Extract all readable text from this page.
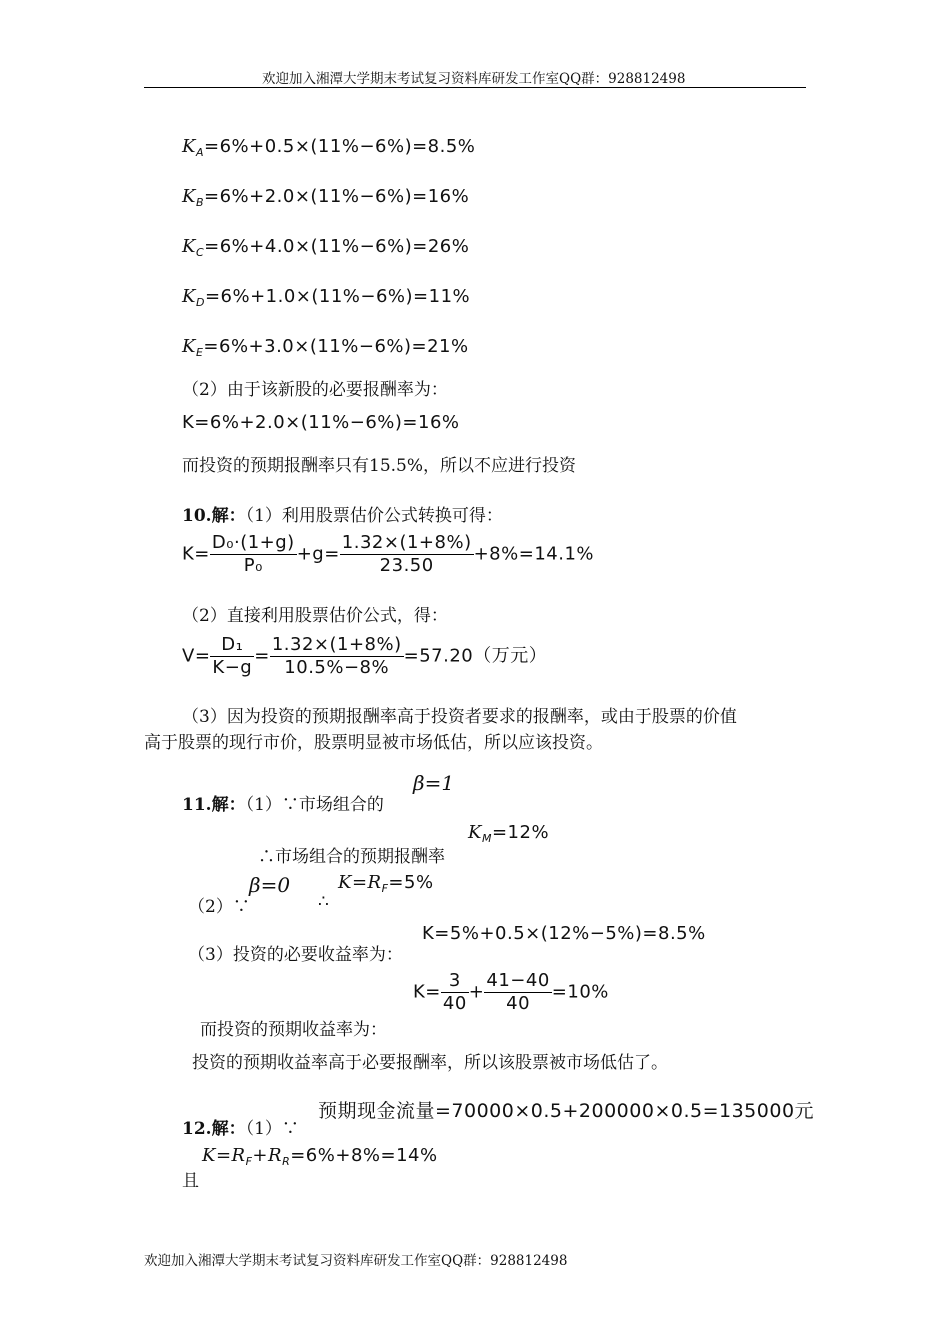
欢迎加入湘潭大学期末考试复习资料库研发工作室QQ群：928812498
$K_A=6\%+0.5\times(11\%-6\%)=8.5\%$
$K_B=6\%+2.0\times(11\%-6\%)=16\%$
$K_C=6\%+4.0\times(11\%-6\%)=26\%$
$K_D=6\%+1.0\times(11\%-6\%)=11\%$
$K_E=6\%+3.0\times(11\%-6\%)=21\%$
（2）由于该新股的必要报酬率为：
K=6%+2.0×(11%−6%)=16%
而投资的预期报酬率只有15.5%，所以不应进行投资
10.解：（1）利用股票估价公式转换可得：
$K= \frac{\text{D₀·(1+g)}}{\text{P₀}} +g= \frac{1.32\times(1+8\%)}{23.50} +8\%=14.1\%$
（2）直接利用股票估价公式，得：
$V= \frac{\text{D₁}}{K-g} = \frac{1.32\times(1+8\%)}{10.5\%-8\%} =57.20$（万元）
（3）因为投资的预期报酬率高于投资者要求的报酬率，或由于股票的价值
高于股票的现行市价，股票明显被市场低估，所以应该投资。
11.解：（1）∵市场组合的
β=1
∴市场组合的预期报酬率
$K_M=12\%$
（2）∵
β=0
∴
$K=R_F=5\%$
（3）投资的必要收益率为：
K=5%+0.5×(12%−5%)=8.5%
$K= \frac{3}{40} + \frac{41-40}{40} =10\%$
而投资的预期收益率为：
投资的预期收益率高于必要报酬率，所以该股票被市场低估了。
12.解：（1）∵
预期现金流量=70000×0.5+200000×0.5=135000元
$K=R_F+R_R=6\%+8\%=14\%$
且
欢迎加入湘潭大学期末考试复习资料库研发工作室QQ群：928812498
